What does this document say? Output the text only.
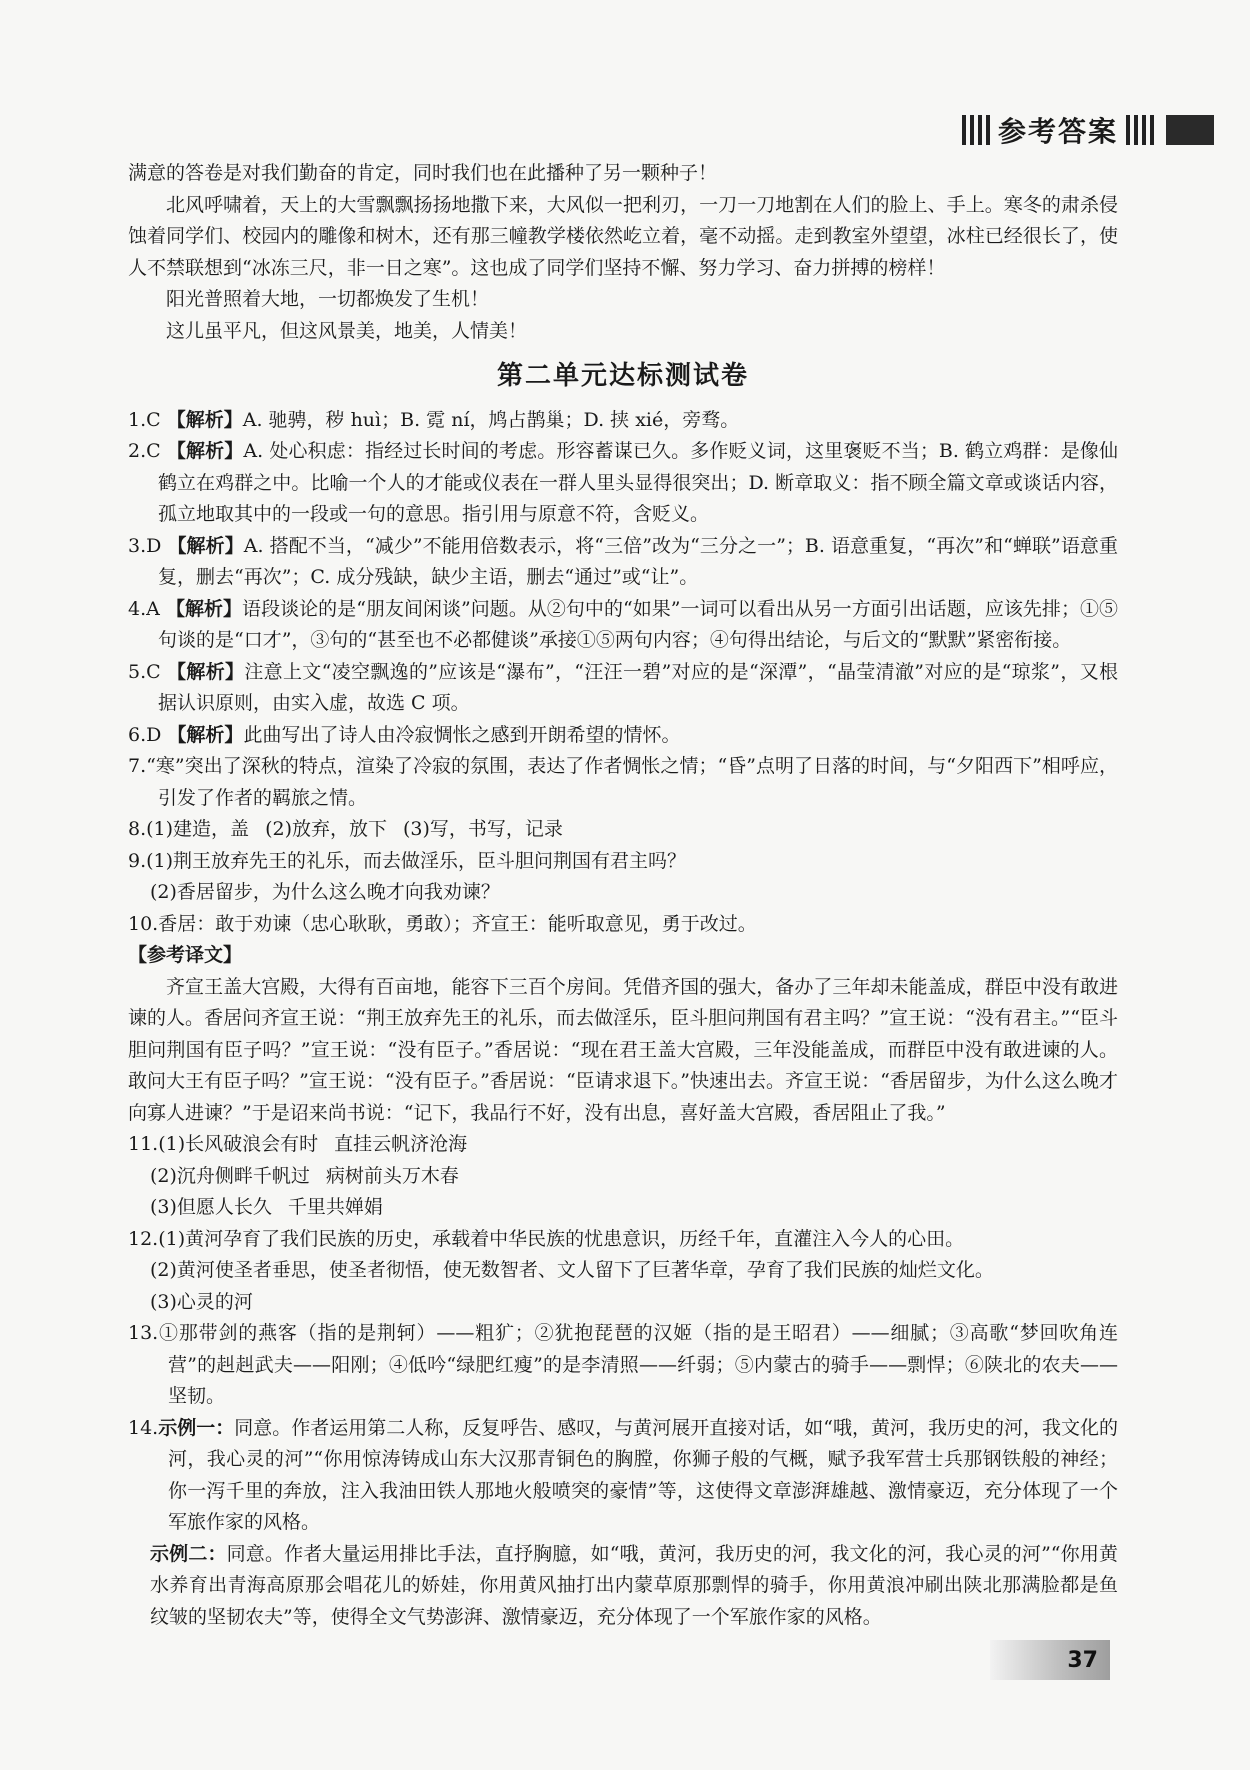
参考答案

满意的答卷是对我们勤奋的肯定，同时我们也在此播种了另一颗种子！

北风呼啸着，天上的大雪飘飘扬扬地撒下来，大风似一把利刃，一刀一刀地割在人们的脸上、手上。寒冬的肃杀侵蚀着同学们、校园内的雕像和树木，还有那三幢教学楼依然屹立着，毫不动摇。走到教室外望望，冰柱已经很长了，使人不禁联想到“冰冻三尺，非一日之寒”。这也成了同学们坚持不懈、努力学习、奋力拼搏的榜样！

阳光普照着大地，一切都焕发了生机！

这儿虽平凡，但这风景美，地美，人情美！

第二单元达标测试卷

1.C 【解析】A. 驰骋，秽 huì；B. 霓 ní，鸠占鹊巢；D. 挟 xié，旁骛。

2.C 【解析】A. 处心积虑：指经过长时间的考虑。形容蓄谋已久。多作贬义词，这里褒贬不当；B. 鹤立鸡群：是像仙鹤立在鸡群之中。比喻一个人的才能或仪表在一群人里头显得很突出；D. 断章取义：指不顾全篇文章或谈话内容，孤立地取其中的一段或一句的意思。指引用与原意不符，含贬义。

3.D 【解析】A. 搭配不当，“减少”不能用倍数表示，将“三倍”改为“三分之一”；B. 语意重复，“再次”和“蝉联”语意重复，删去“再次”；C. 成分残缺，缺少主语，删去“通过”或“让”。

4.A 【解析】语段谈论的是“朋友间闲谈”问题。从②句中的“如果”一词可以看出从另一方面引出话题，应该先排；①⑤句谈的是“口才”，③句的“甚至也不必都健谈”承接①⑤两句内容；④句得出结论，与后文的“默默”紧密衔接。

5.C 【解析】注意上文“凌空飘逸的”应该是“瀑布”，“汪汪一碧”对应的是“深潭”，“晶莹清澈”对应的是“琼浆”，又根据认识原则，由实入虚，故选 C 项。

6.D 【解析】此曲写出了诗人由冷寂惆怅之感到开朗希望的情怀。

7.“寒”突出了深秋的特点，渲染了冷寂的氛围，表达了作者惆怅之情；“昏”点明了日落的时间，与“夕阳西下”相呼应，引发了作者的羁旅之情。

8.(1)建造，盖 (2)放弃，放下 (3)写，书写，记录

9.(1)荆王放弃先王的礼乐，而去做淫乐，臣斗胆问荆国有君主吗？

(2)香居留步，为什么这么晚才向我劝谏？

10.香居：敢于劝谏（忠心耿耿，勇敢）；齐宣王：能听取意见，勇于改过。

【参考译文】

齐宣王盖大宫殿，大得有百亩地，能容下三百个房间。凭借齐国的强大，备办了三年却未能盖成，群臣中没有敢进谏的人。香居问齐宣王说：“荆王放弃先王的礼乐，而去做淫乐，臣斗胆问荆国有君主吗？”宣王说：“没有君主。”“臣斗胆问荆国有臣子吗？”宣王说：“没有臣子。”香居说：“现在君王盖大宫殿，三年没能盖成，而群臣中没有敢进谏的人。敢问大王有臣子吗？”宣王说：“没有臣子。”香居说：“臣请求退下。”快速出去。齐宣王说：“香居留步，为什么这么晚才向寡人进谏？”于是诏来尚书说：“记下，我品行不好，没有出息，喜好盖大宫殿，香居阻止了我。”

11.(1)长风破浪会有时 直挂云帆济沧海

(2)沉舟侧畔千帆过 病树前头万木春

(3)但愿人长久 千里共婵娟

12.(1)黄河孕育了我们民族的历史，承载着中华民族的忧患意识，历经千年，直灌注入今人的心田。

(2)黄河使圣者垂思，使圣者彻悟，使无数智者、文人留下了巨著华章，孕育了我们民族的灿烂文化。

(3)心灵的河

13.①那带剑的燕客（指的是荆轲）——粗犷；②犹抱琵琶的汉姬（指的是王昭君）——细腻；③高歌“梦回吹角连营”的赳赳武夫——阳刚；④低吟“绿肥红瘦”的是李清照——纤弱；⑤内蒙古的骑手——剽悍；⑥陕北的农夫——坚韧。

14.示例一：同意。作者运用第二人称，反复呼告、感叹，与黄河展开直接对话，如“哦，黄河，我历史的河，我文化的河，我心灵的河”“你用惊涛铸成山东大汉那青铜色的胸膛，你狮子般的气概，赋予我军营士兵那钢铁般的神经；你一泻千里的奔放，注入我油田铁人那地火般喷突的豪情”等，这使得文章澎湃雄越、激情豪迈，充分体现了一个军旅作家的风格。

示例二：同意。作者大量运用排比手法，直抒胸臆，如“哦，黄河，我历史的河，我文化的河，我心灵的河”“你用黄水养育出青海高原那会唱花儿的娇娃，你用黄风抽打出内蒙草原那剽悍的骑手，你用黄浪冲刷出陕北那满脸都是鱼纹皱的坚韧农夫”等，使得全文气势澎湃、激情豪迈，充分体现了一个军旅作家的风格。

37
